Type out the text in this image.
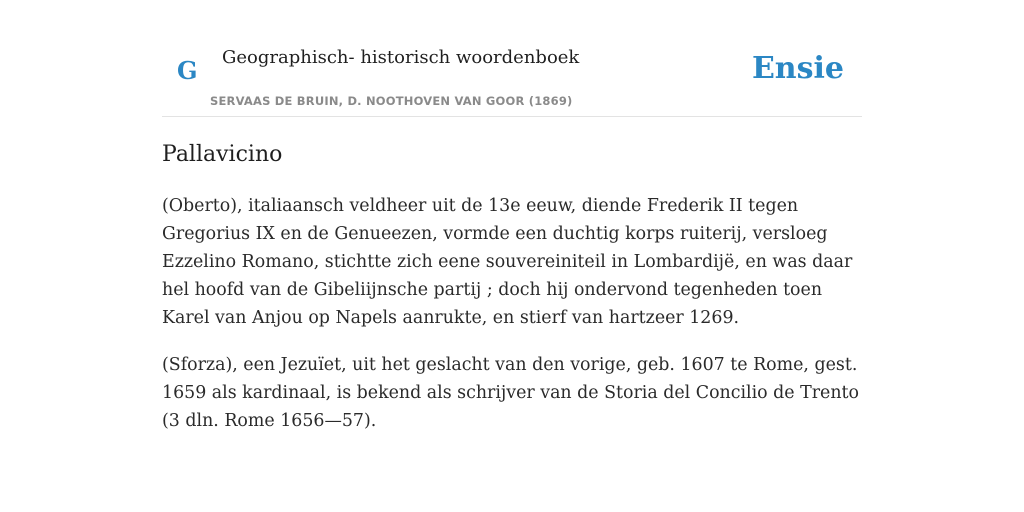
G Geographisch- historisch woordenboek
SERVAAS DE BRUIN, D. NOOTHOVEN VAN GOOR (1869)
Ensie
Pallavicino

(Oberto), italiaansch veldheer uit de 13e eeuw, diende Frederik II tegen Gregorius IX en de Genueezen, vormde een duchtig korps ruiterij, versloeg Ezzelino Romano, stichtte zich eene souvereiniteil in Lombardijë, en was daar hel hoofd van de Gibeliijnsche partij ; doch hij ondervond tegenheden toen Karel van Anjou op Napels aanrukte, en stierf van hartzeer 1269.

(Sforza), een Jezuïet, uit het geslacht van den vorige, geb. 1607 te Rome, gest. 1659 als kardinaal, is bekend als schrijver van de Storia del Concilio de Trento (3 dln. Rome 1656—57).
